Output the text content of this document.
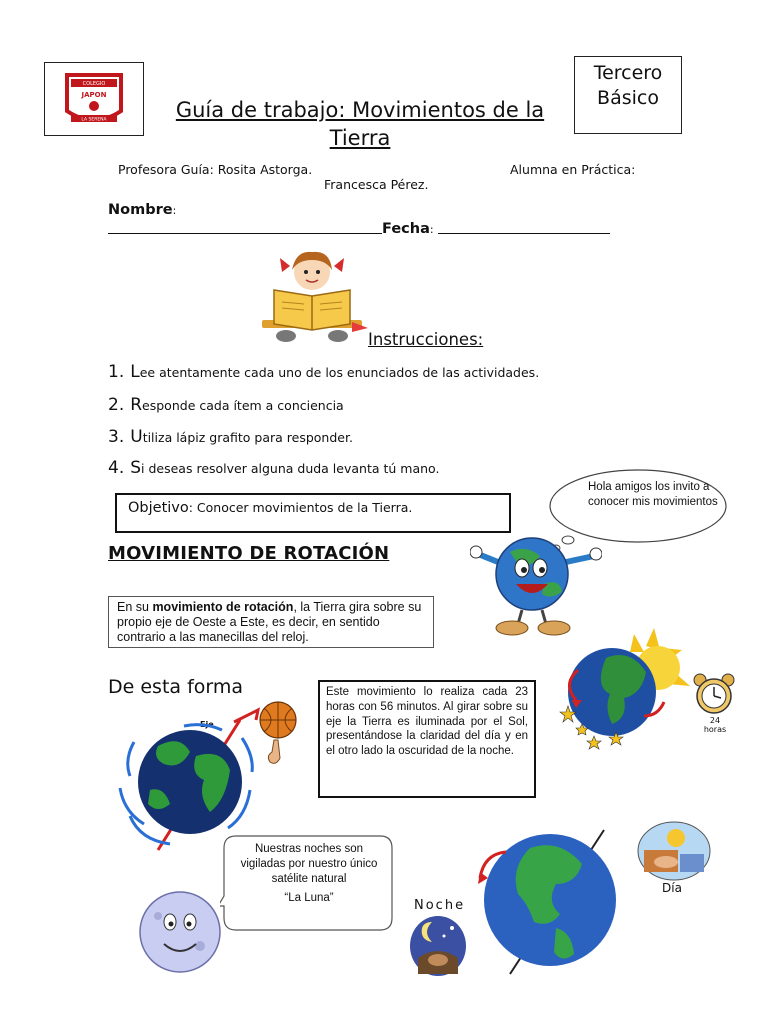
COLEGIO
JAPON
LA SERENA	Guía de trabajo: Movimientos de la Tierra
Tercero Básico
Profesora Guía: Rosita Astorga.	Alumna en Práctica:
Francesca Pérez.
Nombre:
Fecha:
Instrucciones:
1. Lee atentamente cada uno de los enunciados de las actividades.
2. Responde cada ítem a conciencia
3. Utiliza lápiz grafito para responder.
4. Si deseas resolver alguna duda levanta tú mano.
Objetivo: Conocer movimientos de la Tierra.
Hola amigos los invito a conocer mis movimientos
MOVIMIENTO DE ROTACIÓN
En su movimiento de rotación, la Tierra gira sobre su propio eje de Oeste a Este, es decir, en sentido contrario a las manecillas del reloj.
24
horas
De esta forma	Este movimiento lo realiza cada 23 horas con 56 minutos. Al girar sobre su eje la Tierra es iluminada por el Sol, presentándose la claridad del día y en el otro lado la oscuridad de la noche.
Eje
Nuestras noches son vigiladas por nuestro único satélite natural
“La Luna”
Día
Noche
